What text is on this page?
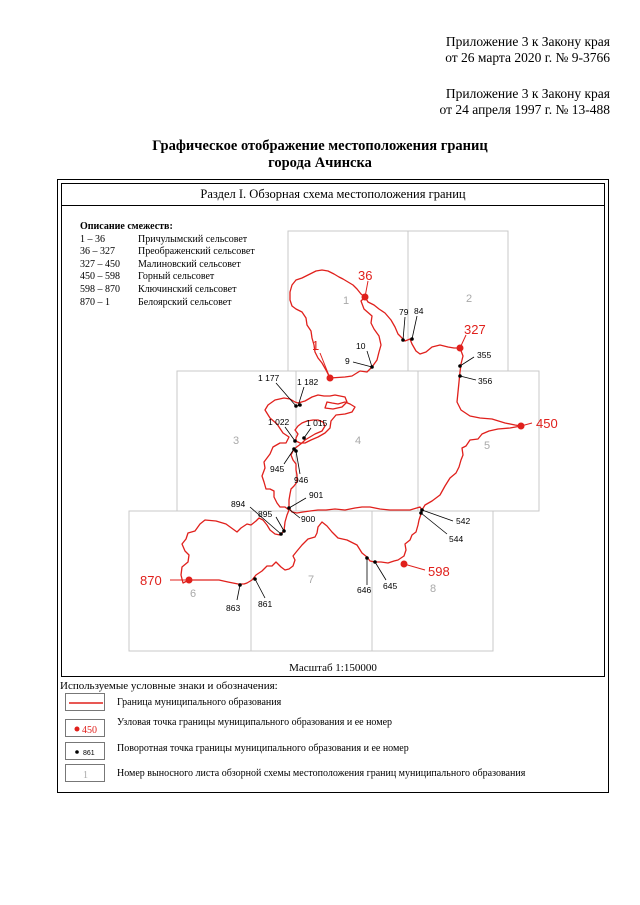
Приложение 3 к Закону края
от 26 марта 2020 г. № 9-3766
Приложение 3 к Закону края
от 24 апреля 1997 г. № 13-488
Графическое отображение местоположения границ
города Ачинска
Раздел I. Обзорная схема местоположения границ
1	2
3	4	5
6
7
8
1
36
327
450
598
870
9
10
79 84
355
356
1 177 1 182
1 022 1 015
945
946
901
900
895
894
542
544
646 645
863 861
Описание смежеств:
1 – 36	Причулымский сельсовет
36 – 327	Преображенский сельсовет
327 – 450	Малиновский сельсовет
450 – 598	Горный сельсовет
598 – 870	Ключинский сельсовет
870 – 1	Белоярский сельсовет
Масштаб 1:150000
Используемые условные знаки и обозначения:
Граница муниципального образования
450
Узловая точка границы муниципального образования и ее номер
861 Поворотная точка границы муниципального образования и ее номер
1	Номер выносного листа обзорной схемы местоположения границ муниципального образования
